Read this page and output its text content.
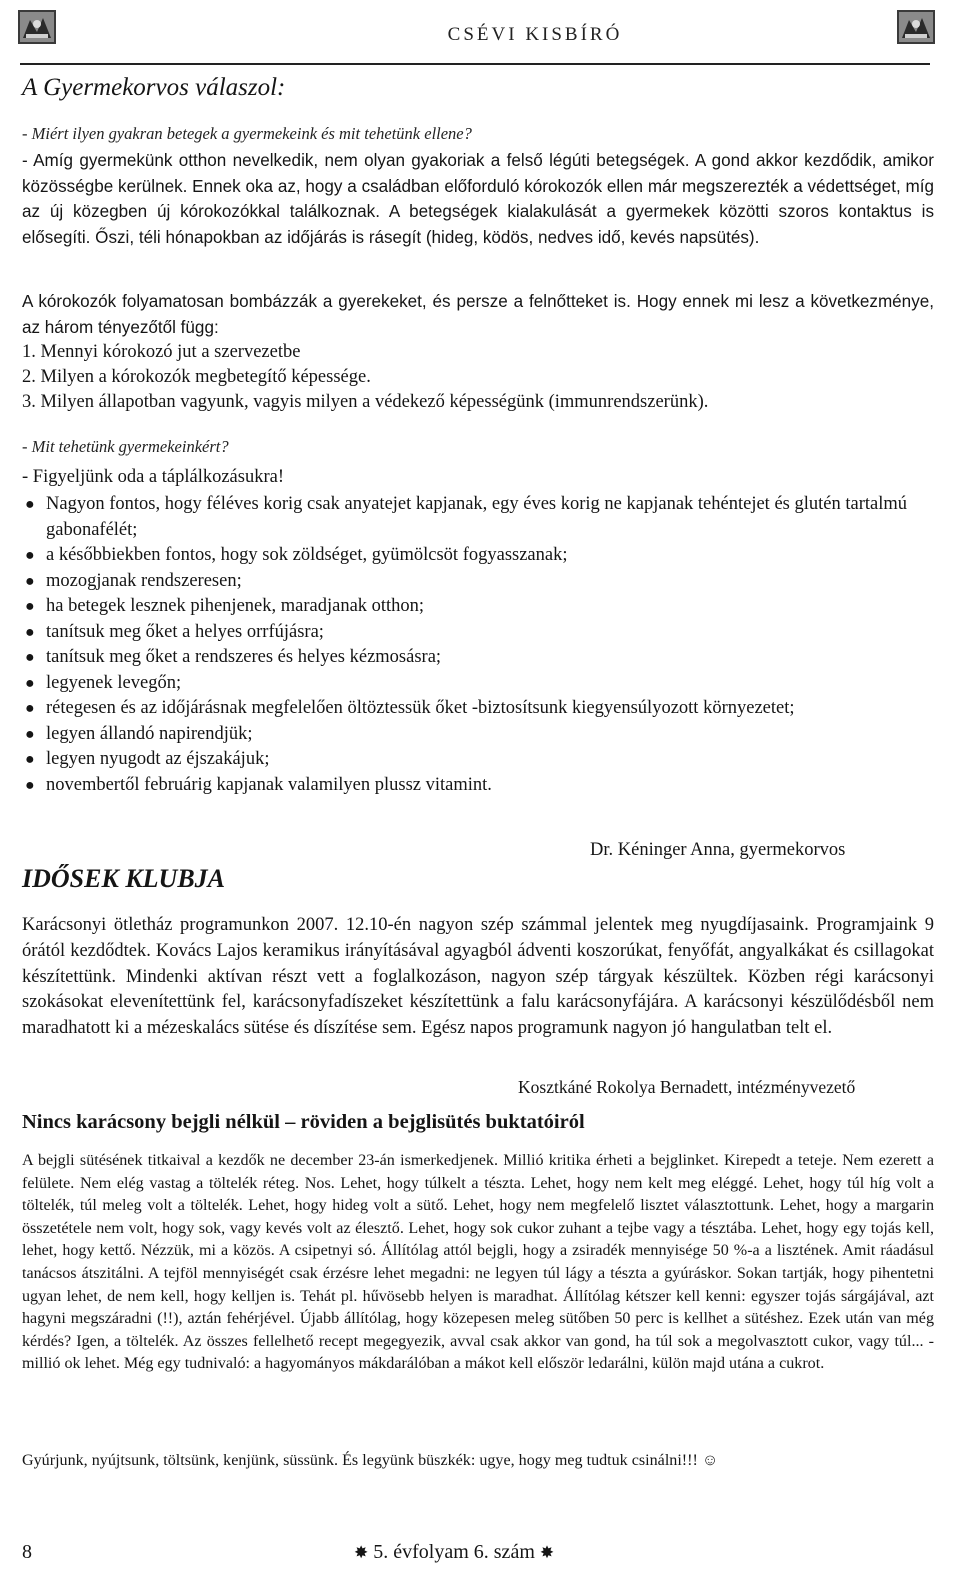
CSÉVI KISBÍRÓ
A Gyermekorvos válaszol:

- Miért ilyen gyakran betegek a gyermekeink és mit tehetünk ellene?

- Amíg gyermekünk otthon nevelkedik, nem olyan gyakoriak a felső légúti betegségek. A gond akkor kezdődik, amikor közösségbe kerülnek. Ennek oka az, hogy a családban előforduló kórokozók ellen már megszerezték a védettséget, míg az új közegben új kórokozókkal találkoznak. A betegségek kialakulását a gyermekek közötti szoros kontaktus is elősegíti. Őszi, téli hónapokban az időjárás is rásegít (hideg, ködös, nedves idő, kevés napsütés).

A kórokozók folyamatosan bombázzák a gyerekeket, és persze a felnőtteket is. Hogy ennek mi lesz a következménye, az három tényezőtől függ:

1. Mennyi kórokozó jut a szervezetbe
2. Milyen a kórokozók megbetegítő képessége.
3. Milyen állapotban vagyunk, vagyis milyen a védekező képességünk (immunrendszerünk).

- Mit tehetünk gyermekeinkért?

- Figyeljünk oda a táplálkozásukra!
● Nagyon fontos, hogy féléves korig csak anyatejet kapjanak, egy éves korig ne kapjanak tehéntejet és glutén tartalmú gabonafélét;
● a későbbiekben fontos, hogy sok zöldséget, gyümölcsöt fogyasszanak;
● mozogjanak rendszeresen;
● ha betegek lesznek pihenjenek, maradjanak otthon;
● tanítsuk meg őket a helyes orrfújásra;
● tanítsuk meg őket a rendszeres és helyes kézmosásra;
● legyenek levegőn;
● rétegesen és az időjárásnak megfelelően öltöztessük őket -biztosítsunk kiegyensúlyozott környezetet;
● legyen állandó napirendjük;
● legyen nyugodt az éjszakájuk;
● novembertől februárig kapjanak valamilyen plussz vitamint.
Dr. Kéninger Anna, gyermekorvos
IDŐSEK KLUBJA

Karácsonyi ötletház programunkon 2007. 12.10-én nagyon szép számmal jelentek meg nyugdíjasaink. Programjaink 9 órától kezdődtek. Kovács Lajos keramikus irányításával agyagból ádventi koszorúkat, fenyőfát, angyalkákat és csillagokat készítettünk. Mindenki aktívan részt vett a foglalkozáson, nagyon szép tárgyak készültek. Közben régi karácsonyi szokásokat elevenítettünk fel, karácsonyfadíszeket készítettünk a falu karácsonyfájára. A karácsonyi készülődésből nem maradhatott ki a mézeskalács sütése és díszítése sem. Egész napos programunk nagyon jó hangulatban telt el.

Kosztkáné Rokolya Bernadett, intézményvezető
Nincs karácsony bejgli nélkül – röviden a bejglisütés buktatóiról

A bejgli sütésének titkaival a kezdők ne december 23-án ismerkedjenek. Millió kritika érheti a bejglinket. Kirepedt a teteje. Nem ezerett a felülete. Nem elég vastag a töltelék réteg. Nos. Lehet, hogy túlkelt a tészta. Lehet, hogy nem kelt meg eléggé. Lehet, hogy túl híg volt a töltelék, túl meleg volt a töltelék. Lehet, hogy hideg volt a sütő. Lehet, hogy nem megfelelő lisztet választottunk. Lehet, hogy a margarin összetétele nem volt, hogy sok, vagy kevés volt az élesztő. Lehet, hogy sok cukor zuhant a tejbe vagy a tésztába. Lehet, hogy egy tojás kell, lehet, hogy kettő. Nézzük, mi a közös. A csipetnyi só. Állítólag attól bejgli, hogy a zsiradék mennyisége 50 %-a a lisztének. Amit ráadásul tanácsos átszitálni. A tejföl mennyiségét csak érzésre lehet megadni: ne legyen túl lágy a tészta a gyúráskor. Sokan tartják, hogy pihentetni ugyan lehet, de nem kell, hogy kelljen is. Tehát pl. hűvösebb helyen is maradhat. Állítólag kétszer kell kenni: egyszer tojás sárgájával, azt hagyni megszáradni (!!), aztán fehérjével. Újabb állítólag, hogy közepesen meleg sütőben 50 perc is kellhet a sütéshez. Ezek után van még kérdés? Igen, a töltelék. Az összes fellelhető recept megegyezik, avval csak akkor van gond, ha túl sok a megolvasztott cukor, vagy túl... -millió ok lehet. Még egy tudnivaló: a hagyományos mákdarálóban a mákot kell először ledarálni, külön majd utána a cukrot.

Gyúrjunk, nyújtsunk, töltsünk, kenjünk, süssünk. És legyünk büszkék: ugye, hogy meg tudtuk csinálni!!! ☺

8	✸ 5. évfolyam 6. szám ✸
